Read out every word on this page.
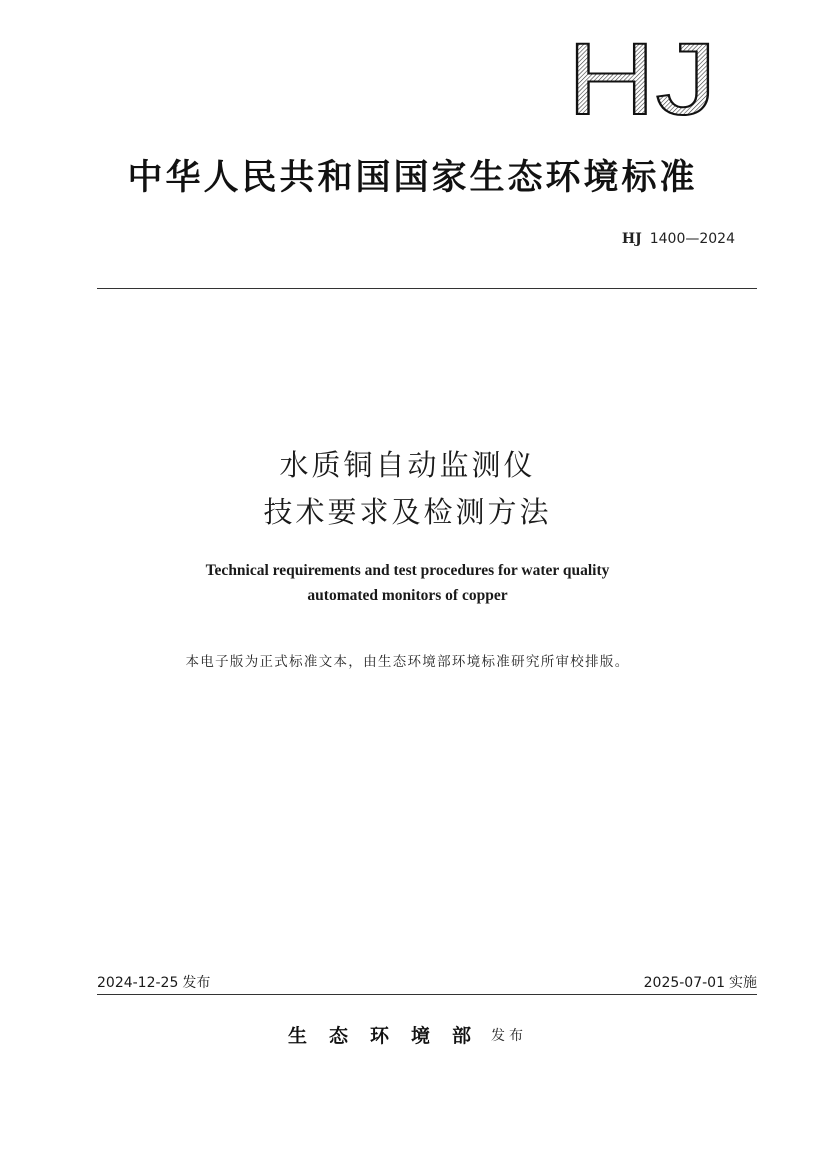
HJ
中华人民共和国国家生态环境标准
HJ 1400—2024
水质铜自动监测仪
技术要求及检测方法
Technical requirements and test procedures for water quality
automated monitors of copper
本电子版为正式标准文本，由生态环境部环境标准研究所审校排版。
2024-12-25 发布	2025-07-01 实施
生态环境部发布
